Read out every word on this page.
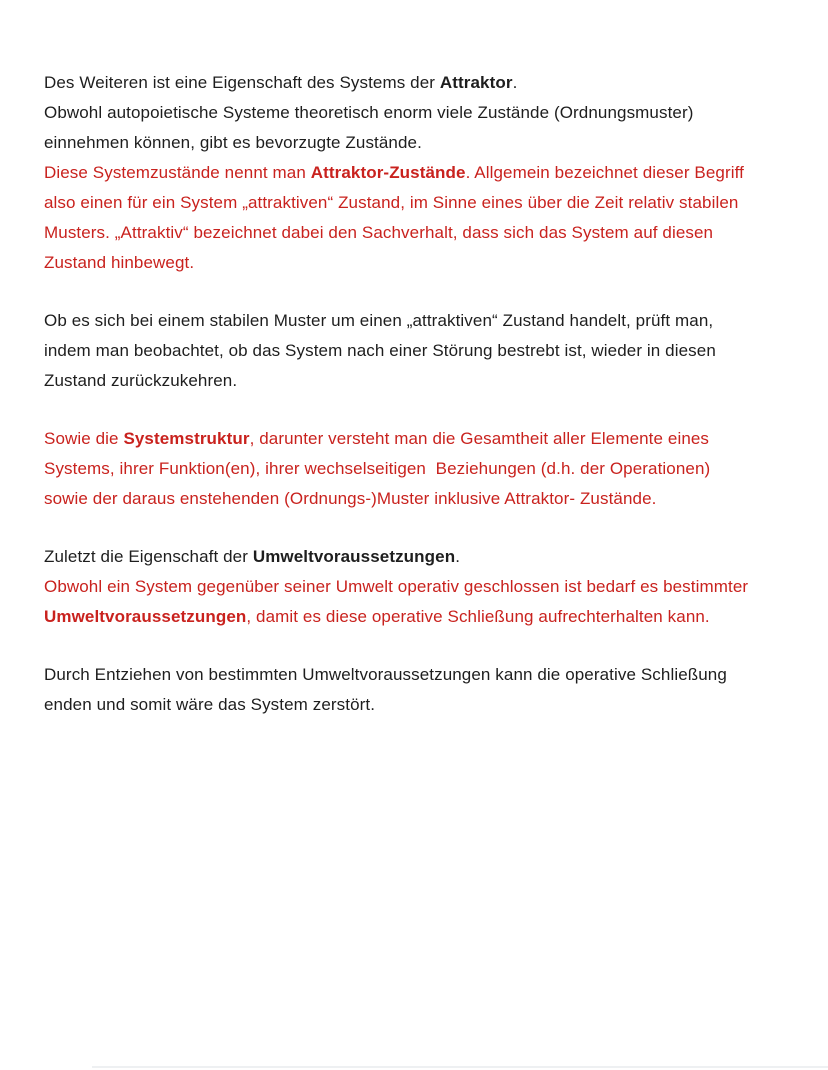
Des Weiteren ist eine Eigenschaft des Systems der Attraktor.
Obwohl autopoietische Systeme theoretisch enorm viele Zustände (Ordnungsmuster)
einnehmen können, gibt es bevorzugte Zustände.
Diese Systemzustände nennt man Attraktor-Zustände. Allgemein bezeichnet dieser Begriff
also einen für ein System „attraktiven“ Zustand, im Sinne eines über die Zeit relativ stabilen
Musters. „Attraktiv“ bezeichnet dabei den Sachverhalt, dass sich das System auf diesen
Zustand hinbewegt.
Ob es sich bei einem stabilen Muster um einen „attraktiven“ Zustand handelt, prüft man,
indem man beobachtet, ob das System nach einer Störung bestrebt ist, wieder in diesen
Zustand zurückzukehren.
Sowie die Systemstruktur, darunter versteht man die Gesamtheit aller Elemente eines
Systems, ihrer Funktion(en), ihrer wechselseitigen  Beziehungen (d.h. der Operationen)
sowie der daraus enstehenden (Ordnungs-)Muster inklusive Attraktor- Zustände.
Zuletzt die Eigenschaft der Umweltvoraussetzungen.
Obwohl ein System gegenüber seiner Umwelt operativ geschlossen ist bedarf es bestimmter
Umweltvoraussetzungen, damit es diese operative Schließung aufrechterhalten kann.
Durch Entziehen von bestimmten Umweltvoraussetzungen kann die operative Schließung
enden und somit wäre das System zerstört.
